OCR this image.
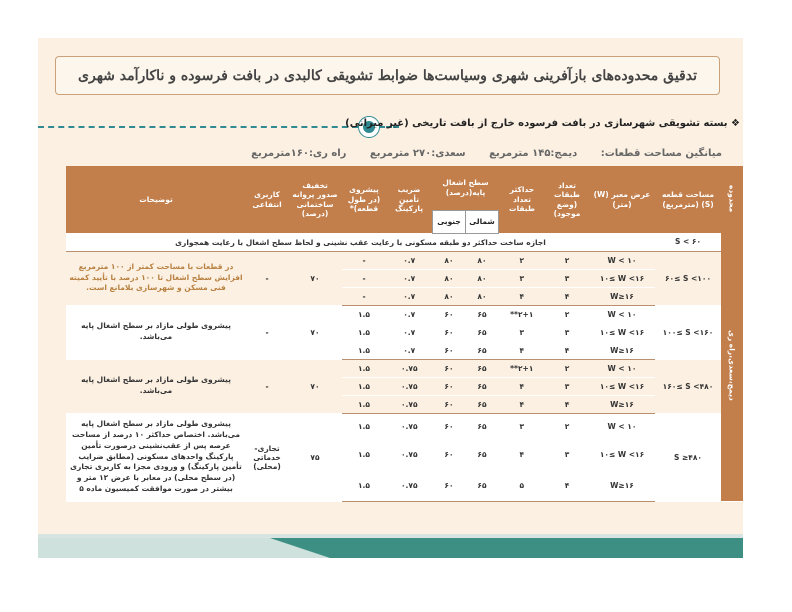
تدقیق محدوده‌های بازآفرینی شهری وسیاست‌ها ضوابط تشویقی کالبدی در بافت فرسوده و ناکارآمد شهری
❖ بسته تشویقی شهرسازی در بافت فرسوده خارج از بافت تاریخی (غیر میرانی)
میانگین مساحت قطعات: دیمج:۱۴۵ مترمربع سعدی:۲۷۰ مترمربع راه ری:۱۶۰مترمربع
محدوده	مساحت قطعه (S) (مترمربع)	عرض معبر (W) (متر)	تعداد طبقات (وضع موجود)	حداکثر تعداد طبقات	سطح اشغال پایه(درصد)		ضریب تأمین پارکینگ	پیشروی (در طول قطعه)*	تخفیف صدور پروانه ساختمانی (درصد)	کاربری انتفاعی	توضیحات
					شمالی	جنوبی					
دیمج،سعدی،راه ری	S < ۶۰	اجازه ساخت حداکثر دو طبقه مسکونی با رعایت عقب نشینی و لحاظ سطح اشغال با رعایت همجواری									
	۶۰≤ S <۱۰۰	W < ۱۰	۲	۲	۸۰	۸۰	۰.۷	-	۷۰	-	در قطعات با مساحت کمتر از ۱۰۰ مترمربع افزایش سطح اشغال تا ۱۰۰ درصد با تأیید کمیته فنی مسکن و شهرسازی بلامانع است.
		۱۰≤ W <۱۶	۳	۳	۸۰	۸۰	۰.۷	-			
		W≥۱۶	۴	۴	۸۰	۸۰	۰.۷	-			
	۱۰۰≤ S <۱۶۰	W < ۱۰	۲	۲+۱**	۶۵	۶۰	۰.۷	۱.۵	۷۰	-	پیشروی طولی مازاد بر سطح اشغال پایه می‌باشد.
		۱۰≤ W <۱۶	۳	۳	۶۵	۶۰	۰.۷	۱.۵			
		W≥۱۶	۴	۴	۶۵	۶۰	۰.۷	۱.۵			
	۱۶۰≤ S <۴۸۰	W < ۱۰	۲	۲+۱**	۶۵	۶۰	۰.۷۵	۱.۵	۷۰	-	پیشروی طولی مازاد بر سطح اشغال پایه می‌باشد.
		۱۰≤ W <۱۶	۳	۴	۶۵	۶۰	۰.۷۵	۱.۵			
		W≥۱۶	۴	۴	۶۵	۶۰	۰.۷۵	۱.۵			
	S ≥۴۸۰	W < ۱۰	۲	۳	۶۵	۶۰	۰.۷۵	۱.۵	۷۵	تجاری- خدماتی (محلی)	پیشروی طولی مازاد بر سطح اشغال پایه می‌باشد. اختصاص حداکثر ۱۰ درصد از مساحت عرصه پس از عقب‌نشینی درصورت تأمین پارکینگ واحدهای مسکونی (مطابق ضرایب تأمین پارکینگ) و ورودی مجزا به کاربری تجاری (در سطح محلی) در معابر با عرض ۱۲ متر و بیشتر در صورت موافقت کمیسیون ماده ۵
		۱۰≤ W <۱۶	۳	۴	۶۵	۶۰	۰.۷۵	۱.۵			
		W≥۱۶	۴	۵	۶۵	۶۰	۰.۷۵	۱.۵			
